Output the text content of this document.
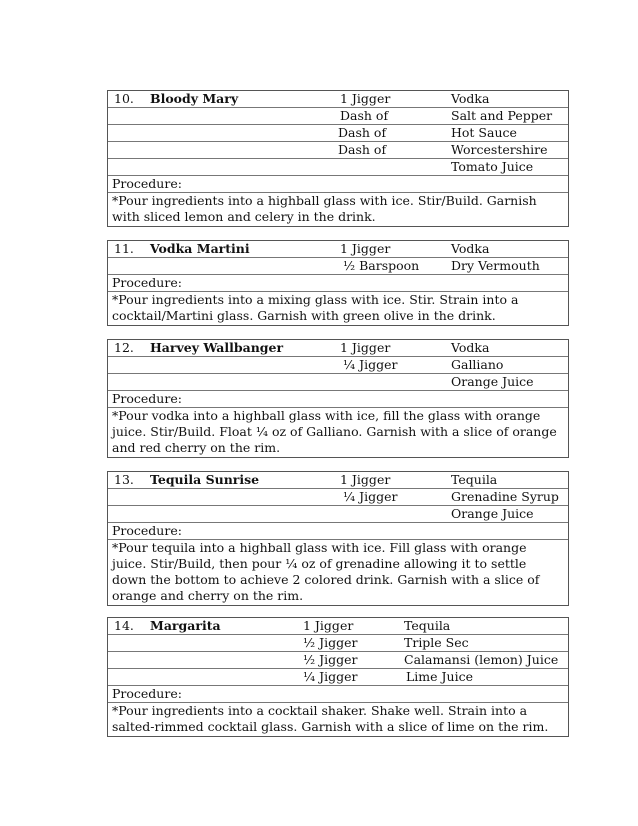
10. Bloody Mary	1 Jigger	Vodka
Dash of	Salt and Pepper
Dash of	Hot Sauce
Dash of	Worcestershire
Tomato Juice
Procedure:
*Pour ingredients into a highball glass with ice. Stir/Build. Garnish with sliced lemon and celery in the drink.
11. Vodka Martini	1 Jigger	Vodka
½ Barspoon	Dry Vermouth
Procedure:
*Pour ingredients into a mixing glass with ice. Stir. Strain into a cocktail/Martini glass. Garnish with green olive in the drink.
12. Harvey Wallbanger	1 Jigger	Vodka
¼ Jigger	Galliano
Orange Juice
Procedure:
*Pour vodka into a highball glass with ice, fill the glass with orange juice. Stir/Build. Float ¼ oz of Galliano. Garnish with a slice of orange and red cherry on the rim.
13. Tequila Sunrise	1 Jigger	Tequila
¼ Jigger	Grenadine Syrup
Orange Juice
Procedure:
*Pour tequila into a highball glass with ice. Fill glass with orange juice. Stir/Build, then pour ¼ oz of grenadine allowing it to settle down the bottom to achieve 2 colored drink. Garnish with a slice of orange and cherry on the rim.
14. Margarita	1 Jigger	Tequila
½ Jigger	Triple Sec
½ Jigger	Calamansi (lemon) Juice
¼ Jigger	Lime Juice
Procedure:
*Pour ingredients into a cocktail shaker. Shake well. Strain into a salted-rimmed cocktail glass. Garnish with a slice of lime on the rim.
